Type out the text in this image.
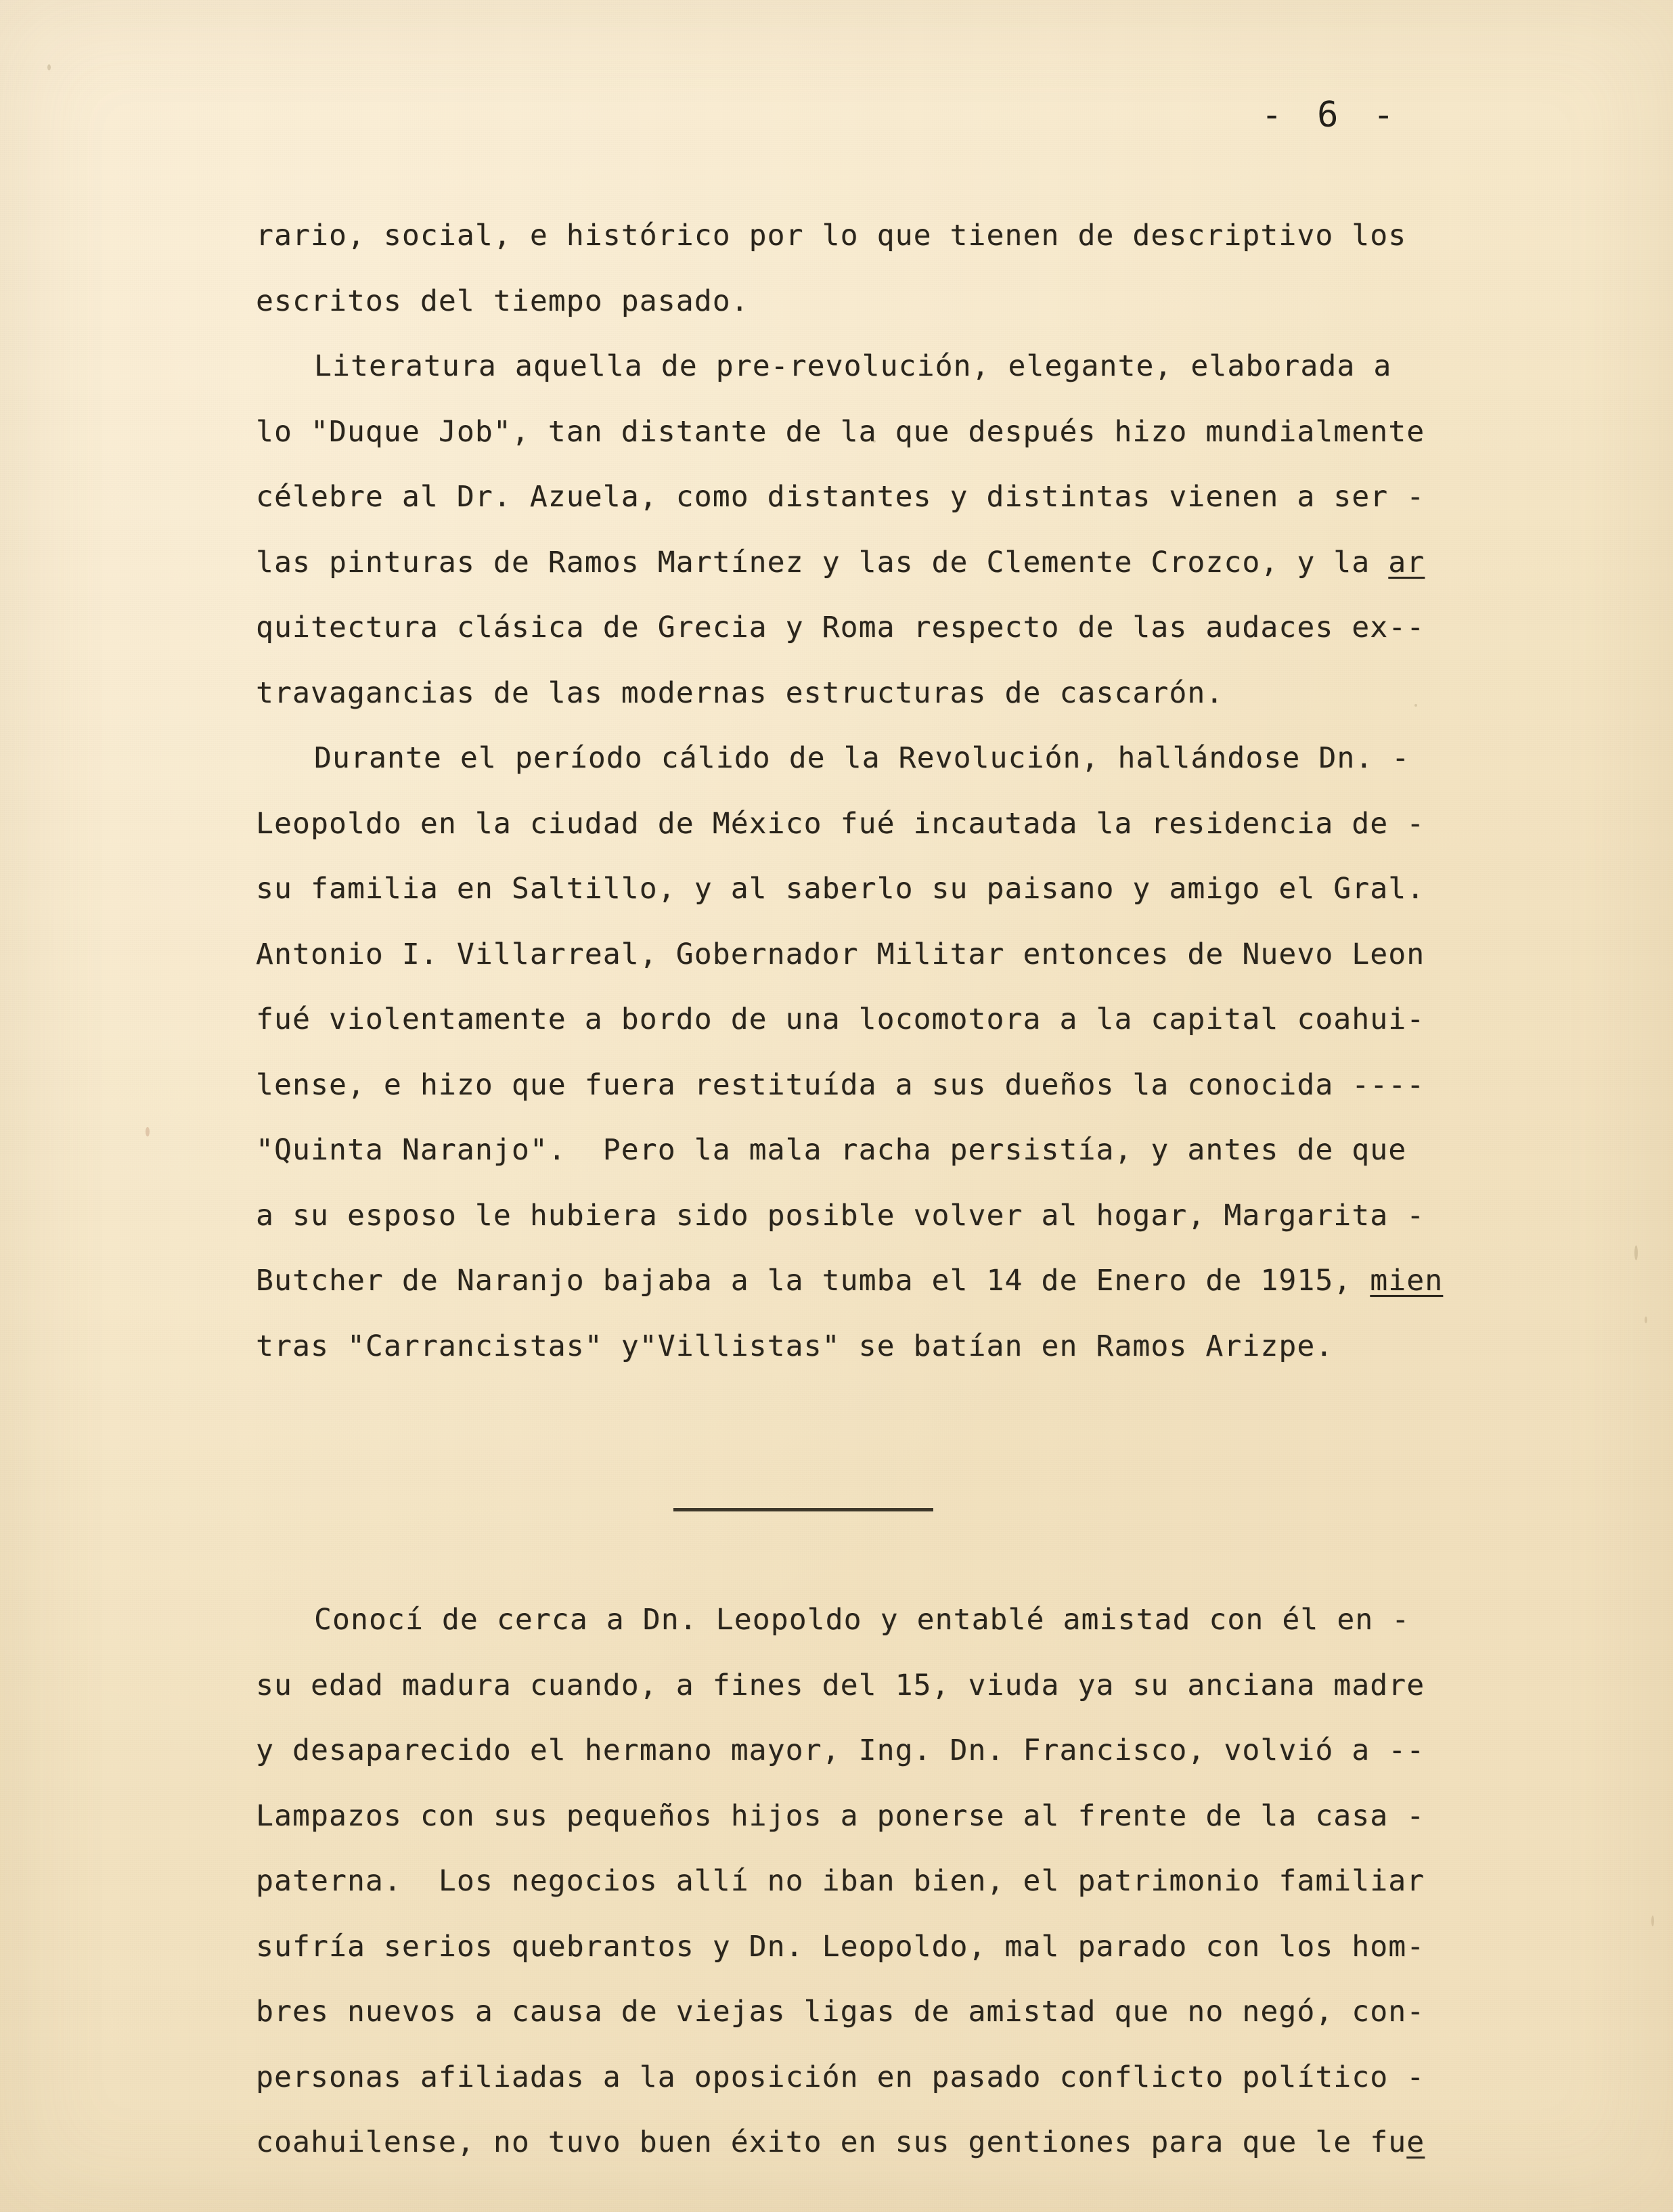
- 6 -
rario, social, e histórico por lo que tienen de descriptivo los
escritos del tiempo pasado.
Literatura aquella de pre-revolución, elegante, elaborada a
lo "Duque Job", tan distante de la que después hizo mundialmente
célebre al Dr. Azuela, como distantes y distintas vienen a ser -
las pinturas de Ramos Martínez y las de Clemente Crozco, y la ar
quitectura clásica de Grecia y Roma respecto de las audaces ex--
travagancias de las modernas estructuras de cascarón.
Durante el período cálido de la Revolución, hallándose Dn. -
Leopoldo en la ciudad de México fué incautada la residencia de -
su familia en Saltillo, y al saberlo su paisano y amigo el Gral.
Antonio I. Villarreal, Gobernador Militar entonces de Nuevo Leon
fué violentamente a bordo de una locomotora a la capital coahui-
lense, e hizo que fuera restituída a sus dueños la conocida ----
"Quinta Naranjo".  Pero la mala racha persistía, y antes de que
a su esposo le hubiera sido posible volver al hogar, Margarita -
Butcher de Naranjo bajaba a la tumba el 14 de Enero de 1915, mien
tras "Carrancistas" y"Villistas" se batían en Ramos Arizpe.
Conocí de cerca a Dn. Leopoldo y entablé amistad con él en -
su edad madura cuando, a fines del 15, viuda ya su anciana madre
y desaparecido el hermano mayor, Ing. Dn. Francisco, volvió a --
Lampazos con sus pequeños hijos a ponerse al frente de la casa -
paterna.  Los negocios allí no iban bien, el patrimonio familiar
sufría serios quebrantos y Dn. Leopoldo, mal parado con los hom-
bres nuevos a causa de viejas ligas de amistad que no negó, con-
personas afiliadas a la oposición en pasado conflicto político -
coahuilense, no tuvo buen éxito en sus gentiones para que le fue
